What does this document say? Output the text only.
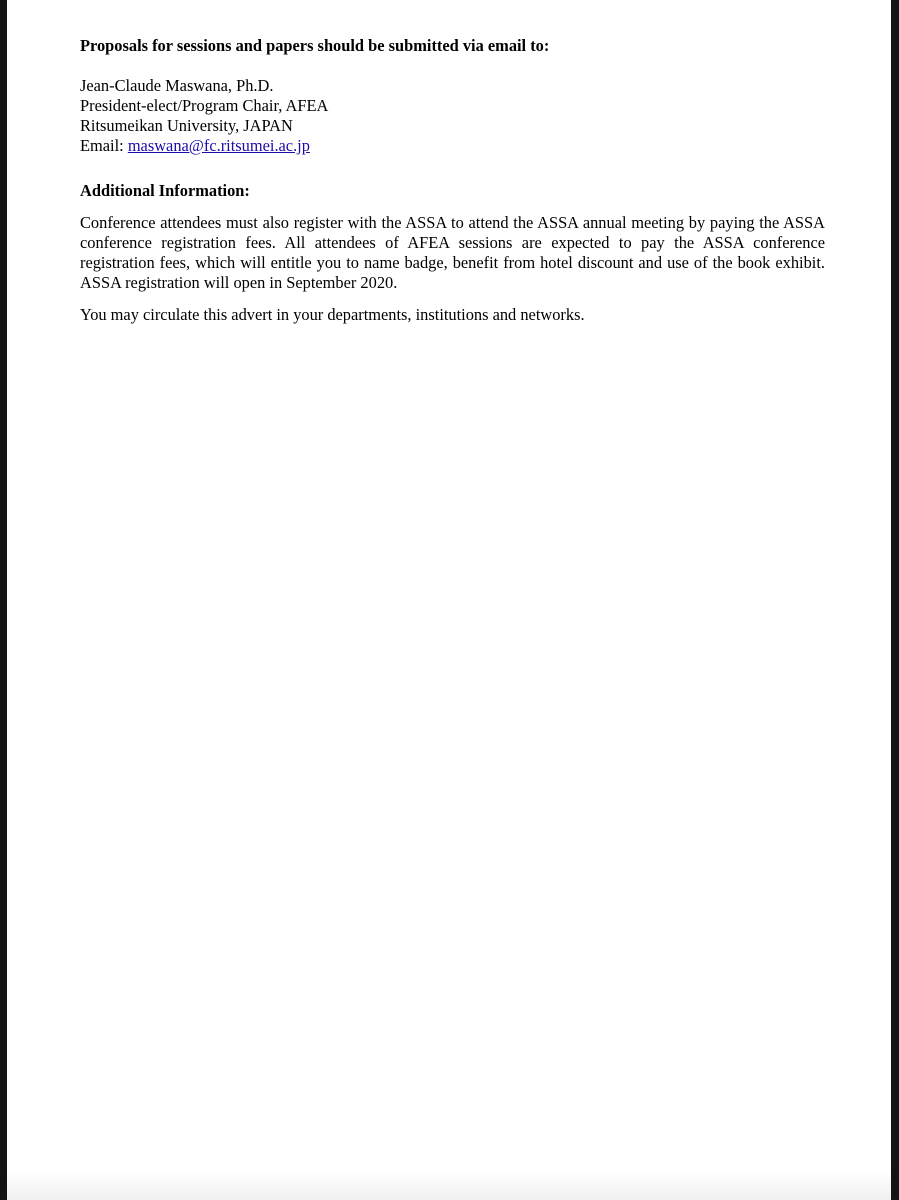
Proposals for sessions and papers should be submitted via email to:

Jean-Claude Maswana, Ph.D.
President-elect/Program Chair, AFEA
Ritsumeikan University, JAPAN
Email: maswana@fc.ritsumei.ac.jp

Additional Information:

Conference attendees must also register with the ASSA to attend the ASSA annual meeting by paying the ASSA conference registration fees. All attendees of AFEA sessions are expected to pay the ASSA conference registration fees, which will entitle you to name badge, benefit from hotel discount and use of the book exhibit. ASSA registration will open in September 2020.

You may circulate this advert in your departments, institutions and networks.
